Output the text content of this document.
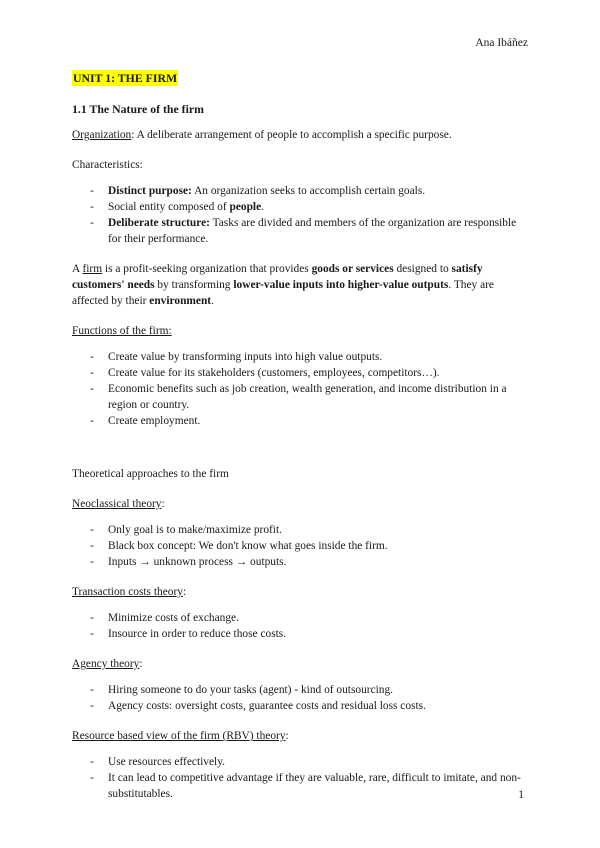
Ana Ibáñez
UNIT 1: THE FIRM
1.1 The Nature of the firm

Organization: A deliberate arrangement of people to accomplish a specific purpose.

Characteristics:

- Distinct purpose: An organization seeks to accomplish certain goals.
- Social entity composed of people.
- Deliberate structure: Tasks are divided and members of the organization are responsible for their performance.

A firm is a profit-seeking organization that provides goods or services designed to satisfy customers' needs by transforming lower-value inputs into higher-value outputs. They are affected by their environment.

Functions of the firm:

- Create value by transforming inputs into high value outputs.
- Create value for its stakeholders (customers, employees, competitors…).
- Economic benefits such as job creation, wealth generation, and income distribution in a region or country.
- Create employment.

Theoretical approaches to the firm

Neoclassical theory:

- Only goal is to make/maximize profit.
- Black box concept: We don't know what goes inside the firm.
- Inputs → unknown process → outputs.

Transaction costs theory:

- Minimize costs of exchange.
- Insource in order to reduce those costs.

Agency theory:

- Hiring someone to do your tasks (agent) - kind of outsourcing.
- Agency costs: oversight costs, guarantee costs and residual loss costs.

Resource based view of the firm (RBV) theory:

- Use resources effectively.
- It can lead to competitive advantage if they are valuable, rare, difficult to imitate, and non-substitutables.	1
